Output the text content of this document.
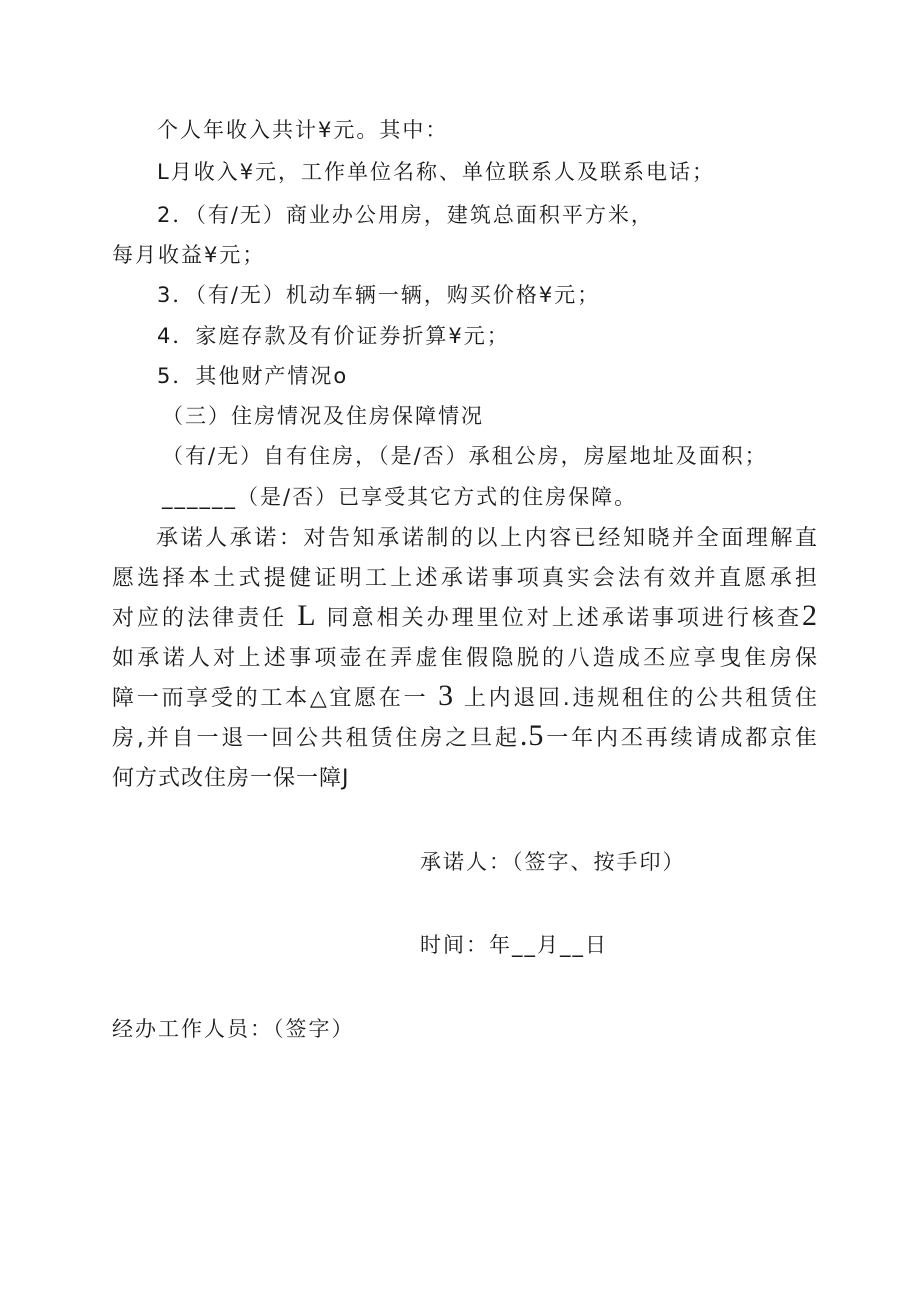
个人年收入共计¥元。其中：
L月收入¥元，工作单位名称、单位联系人及联系电话；
2．（有/无）商业办公用房，建筑总面积平方米，
每月收益¥元；
3．（有/无）机动车辆一辆，购买价格¥元；
4．家庭存款及有价证券折算¥元；
5．其他财产情况o
（三）住房情况及住房保障情况
（有/无）自有住房，（是/否）承租公房，房屋地址及面积；
______（是/否）已享受其它方式的住房保障。
承诺人承诺：对告知承诺制的以上内容已经知晓并全面理解直
愿选择本土式提健证明工上述承诺事项真实会法有效并直愿承担
对应的法律责任 L 同意相关办理里位对上述承诺事项进行核查2
如承诺人对上述事项壶在弄虚隹假隐脱的八造成丕应享曳隹房保
障一而享受的工本△宜愿在一 3 上内退回.违规租住的公共租赁住
房,并自一退一回公共租赁住房之旦起.5一年内丕再续请成都京隹
何方式改住房一保一障J
承诺人：（签字、按手印）
时间：年__月__日
经办工作人员：（签字）
